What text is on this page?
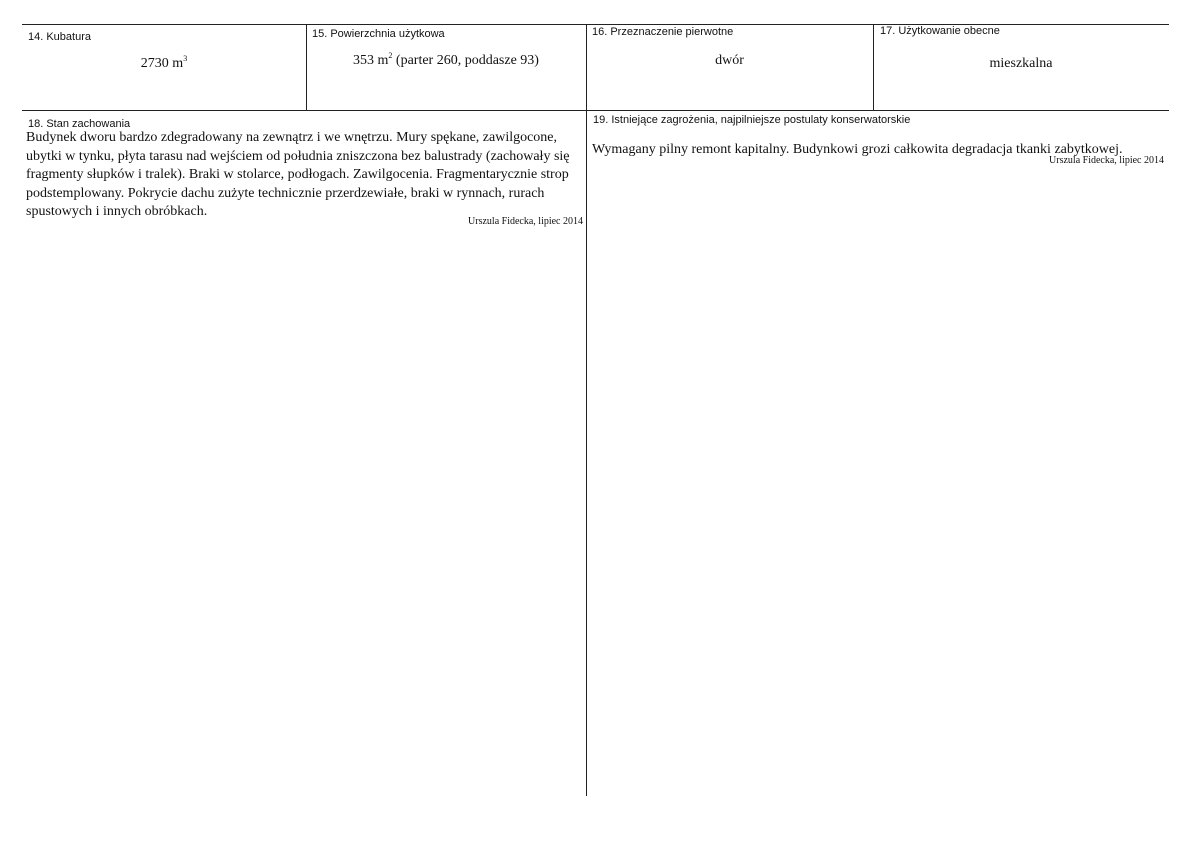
14. Kubatura
2730 $m^3$
15. Powierzchnia użytkowa
353 $m^2$ (parter 260, poddasze 93)
16. Przeznaczenie pierwotne
dwór
17. Użytkowanie obecne
mieszkalna
18. Stan zachowania
Budynek dworu bardzo zdegradowany na zewnątrz i we wnętrzu. Mury spękane, zawilgocone, ubytki w tynku, płyta tarasu nad wejściem od południa zniszczona bez balustrady (zachowały się fragmenty słupków i tralek). Braki w stolarce, podłogach. Zawilgocenia. Fragmentarycznie strop podstemplowany. Pokrycie dachu zużyte technicznie przerdzewiałe, braki w rynnach, rurach spustowych i innych obróbkach.
Urszula Fidecka, lipiec 2014
19. Istniejące zagrożenia, najpilniejsze postulaty konserwatorskie
Wymagany pilny remont kapitalny. Budynkowi grozi całkowita degradacja tkanki zabytkowej.
Urszula Fidecka, lipiec 2014
